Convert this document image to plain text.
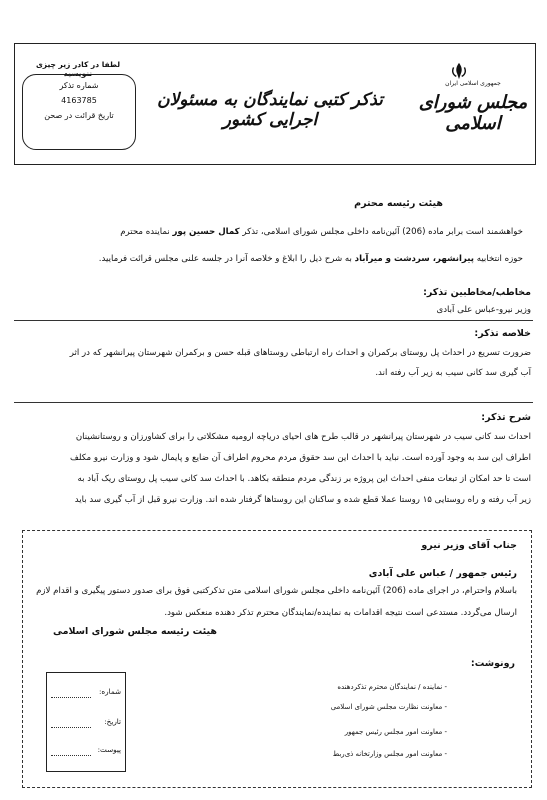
لطفا در کادر زیر چیزی ننویسید
شماره تذکر
4163785
تاریخ قرائت در صحن
تذکر کتبی نمایندگان به مسئولان اجرایی کشور
جمهوری اسلامی ایران
مجلس شورای اسلامی
هیئت رئیسه محترم
خواهشمند است برابر ماده (206) آئین‌نامه داخلی مجلس شورای اسلامی، تذکر کمال حسین پور نماینده محترم
حوزه انتخابیه پیرانشهر، سردشت و میرآباد به شرح ذیل را ابلاغ و خلاصه آنرا در جلسه علنی مجلس قرائت فرمایید.
مخاطب/مخاطبین تذکر:
وزیر نیرو-عباس علی آبادی
خلاصه تذکر:
ضرورت تسریع در احداث پل روستای برکمران و احداث راه ارتباطی روستاهای قبله حسن و برکمران شهرستان پیرانشهر که در اثر
آب گیری سد کانی سیب به زیر آب رفته اند.
شرح تذکر:
احداث سد کانی سیب در شهرستان پیرانشهر در قالب طرح های احیای دریاچه ارومیه مشکلاتی را برای کشاورزان و روستانشینان
اطراف این سد به وجود آورده است. نباید با احداث این سد حقوق مردم محروم اطراف آن ضایع و پایمال شود و وزارت نیرو مکلف
است تا حد امکان از تبعات منفی احداث این پروژه بر زندگی مردم منطقه بکاهد. با احداث سد کانی سیب پل روستای ریک آباد به
زیر آب رفته و راه روستایی ۱۵ روستا عملا قطع شده و ساکنان این روستاها گرفتار شده اند. وزارت نیرو قبل از آب گیری سد باید
جناب آقای وزیر نیرو
رئیس جمهور / عباس علی آبادی
باسلام واحترام، در اجرای ماده (206) آئین‌نامه داخلی مجلس شورای اسلامی متن تذکرکتبی فوق برای صدور دستور پیگیری و اقدام لازم
ارسال می‌گردد. مستدعی است نتیجه اقدامات به نماینده/نمایندگان محترم تذکر دهنده منعکس شود.
هیئت رئیسه مجلس شورای اسلامی
رونوشت:
- نماینده / نمایندگان محترم تذکردهنده
- معاونت نظارت مجلس شورای اسلامی
- معاونت امور مجلس رئیس جمهور
- معاونت امور مجلس وزارتخانه ذی‌ربط
شماره:
تاریخ:
پیوست:
